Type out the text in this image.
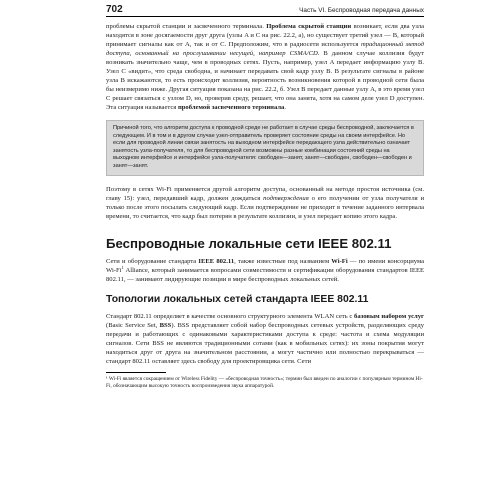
702	Часть VI. Беспроводная передача данных

проблемы скрытой станции и засвеченного терминала. Проблема скрытой станции возникает, если два узла находятся в зоне досягаемости друг друга (узлы A и C на рис. 22.2, а), но существует третий узел — B, который принимает сигналы как от A, так и от C. Предположим, что в радиосети используется традиционный метод доступа, основанный на прослушивании несущей, например CSMA/CD. В данном случае коллизия будут возникать значительно чаще, чем в проводных сетях. Пусть, например, узел A передает информацию узлу B. Узел C «видит», что среда свободна, и начинает передавать свой кадр узлу B. В результате сигналы в районе узла B искажаются, то есть происходит коллизия, вероятность возникновения которой в проводной сети была бы неизмеримо ниже. Другая ситуация показана на рис. 22.2, б. Узел B передает данные узлу A, в это время узел C решает связаться с узлом D, но, проверив среду, решает, что она занята, хотя на самом деле узел D доступен. Эта ситуация называется проблемой засвеченного терминала.

Причиной того, что алгоритм доступа к проводной среде не работает в случае среды беспроводной, заключается в следующем. И в том и в другом случае узел-отправитель проверяет состояние среды на своем интерфейсе. Но если для проводной линии связи занятость на выходном интерфейсе передающего узла действительно означает занятость узла-получателя, то для беспроводной сети возможны разные комбинации состояний среды на выходном интерфейсе и интерфейсе узла-получателя: свободен—занят, занят—свободен, свободен—свободен и занят—занят.

Поэтому в сетях Wi-Fi применяется другой алгоритм доступа, основанный на методе простоя источника (см. главу 15): узел, передавший кадр, должен дождаться подтверждения о его получении от узла получателя и только после этого посылать следующий кадр. Если подтверждение не приходит в течение заданного интервала времени, то считается, что кадр был потерян в результате коллизии, и узел передает копию этого кадра.

Беспроводные локальные сети IEEE 802.11

Сети и оборудование стандарта IEEE 802.11, также известные под названием Wi-Fi — по имени консорциума Wi-Fi$^1$ Alliance, который занимается вопросами совместимости и сертификации оборудования стандартов IEEE 802.11, — занимают лидирующие позиции в мире беспроводных локальных сетей.

Топологии локальных сетей стандарта IEEE 802.11

Стандарт 802.11 определяет в качестве основного структурного элемента WLAN сеть с базовым набором услуг (Basic Service Set, BSS). BSS представляет собой набор беспроводных сетевых устройств, разделяющих среду передачи и работающих с одинаковыми характеристиками доступа к среде: частота и схема модуляции сигналов. Сети BSS не являются традиционными сотами (как в мобильных сетях): их зоны покрытия могут находиться друг от друга на значительном расстоянии, а могут частично или полностью перекрываться — стандарт 802.11 оставляет здесь свободу для проектировщика сети. Сети

¹ Wi-Fi является сокращением от Wireless Fidelity — «беспроводная точность»; термин был введен по аналогии с популярным термином Hi-Fi, обозначающим высокую точность воспроизведения звука аппаратурой.
